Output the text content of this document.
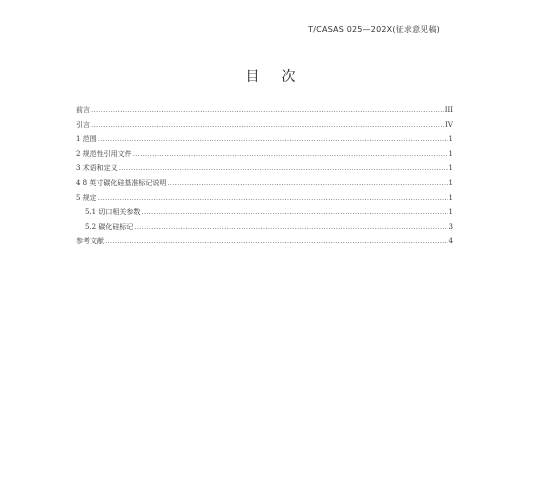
T/CASAS 025—202X(征求意见稿)
目次
前言 .....	III
引言 .....	IV
1 范围 .....	1
2 规范性引用文件 .....	1
3 术语和定义 .....	1
4 8 英寸碳化硅基准标记说明 .....	1
5 规定 .....	1
5.1 切口相关参数 .....	1
5.2 碳化硅标记 .....	3
参考文献 .....	4
